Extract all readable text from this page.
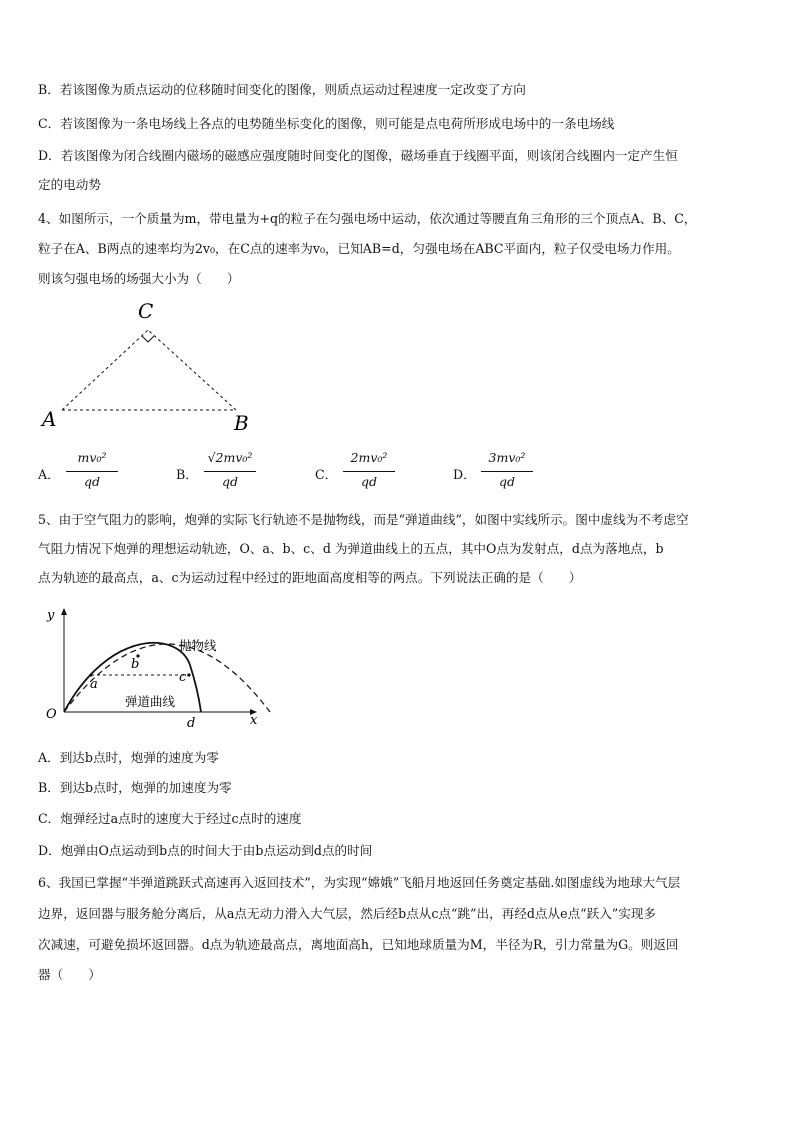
B．若该图像为质点运动的位移随时间变化的图像，则质点运动过程速度一定改变了方向
C．若该图像为一条电场线上各点的电势随坐标变化的图像，则可能是点电荷所形成电场中的一条电场线
D．若该图像为闭合线圈内磁场的磁感应强度随时间变化的图像，磁场垂直于线圈平面，则该闭合线圈内一定产生恒
定的电动势
4、如图所示，一个质量为m，带电量为+q的粒子在匀强电场中运动，依次通过等腰直角三角形的三个顶点A、B、C，
粒子在A、B两点的速率均为2v₀，在C点的速率为v₀，已知AB=d，匀强电场在ABC平面内，粒子仅受电场力作用。
则该匀强电场的场强大小为（　　）
C
A	B
A．
mv₀²
qd	B．
√2mv₀²
qd	C．
2mv₀²
qd	D．
3mv₀²
qd
5、由于空气阻力的影响，炮弹的实际飞行轨迹不是抛物线，而是“弹道曲线”，如图中实线所示。图中虚线为不考虑空
气阻力情况下炮弹的理想运动轨迹，O、a、b、c、d 为弹道曲线上的五点，其中O点为发射点，d点为落地点，b
点为轨迹的最高点，a、c为运动过程中经过的距地面高度相等的两点。下列说法正确的是（　　）
y
x
O
a
b
c
d
抛物线
弹道曲线
A．到达b点时，炮弹的速度为零
B．到达b点时，炮弹的加速度为零
C．炮弹经过a点时的速度大于经过c点时的速度
D．炮弹由O点运动到b点的时间大于由b点运动到d点的时间
6、我国已掌握“半弹道跳跃式高速再入返回技术”，为实现“嫦娥”飞船月地返回任务奠定基础.如图虚线为地球大气层
边界，返回器与服务舱分离后，从a点无动力滑入大气层，然后经b点从c点“跳”出，再经d点从e点“跃入”实现多
次减速，可避免损坏返回器。d点为轨迹最高点，离地面高h，已知地球质量为M，半径为R，引力常量为G。则返回
器（　　）
